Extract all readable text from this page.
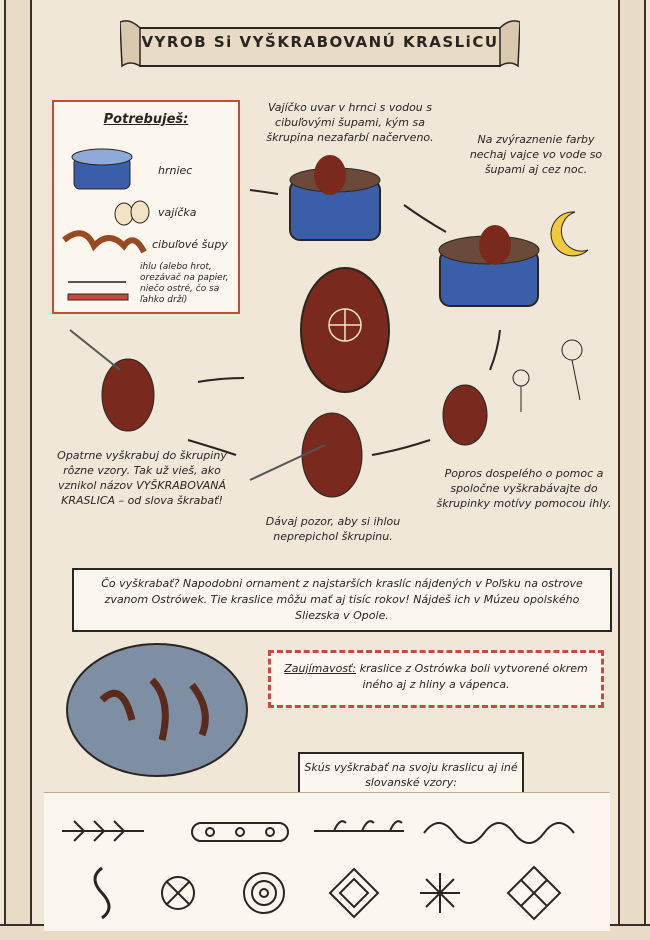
VYROB Si VYŠKRABOVANÚ KRASLiCU
Potrebuješ:
hrniec
vajíčka
cibuľové šupy
ihlu (alebo hrot, orezávač na papier, niečo ostré, čo sa ľahko drží)
Vajíčko uvar v hrnci s vodou s cibuľovými šupami, kým sa škrupina nezafarbí načerveno.	Na zvýraznenie farby nechaj vajce vo vode so šupami aj cez noc.
Popros dospelého o pomoc a spoločne vyškrabávajte do škrupinky motívy pomocou ihly.
Dávaj pozor, aby si ihlou neprepichol škrupinu.
Opatrne vyškrabuj do škrupiny rôzne vzory. Tak už vieš, ako vznikol názov VYŠKRABOVANÁ KRASLICA – od slova škrabať!
Čo vyškrabať? Napodobni ornament z najstarších kraslíc nájdených v Poľsku na ostrove zvanom Ostrówek. Tie kraslice môžu mať aj tisíc rokov! Nájdeš ich v Múzeu opolského Sliezska v Opole.
Zaujímavosť: kraslice z Ostrówka boli vytvorené okrem iného aj z hliny a vápenca.
Skús vyškrabať na svoju kraslicu aj iné slovanské vzory:
